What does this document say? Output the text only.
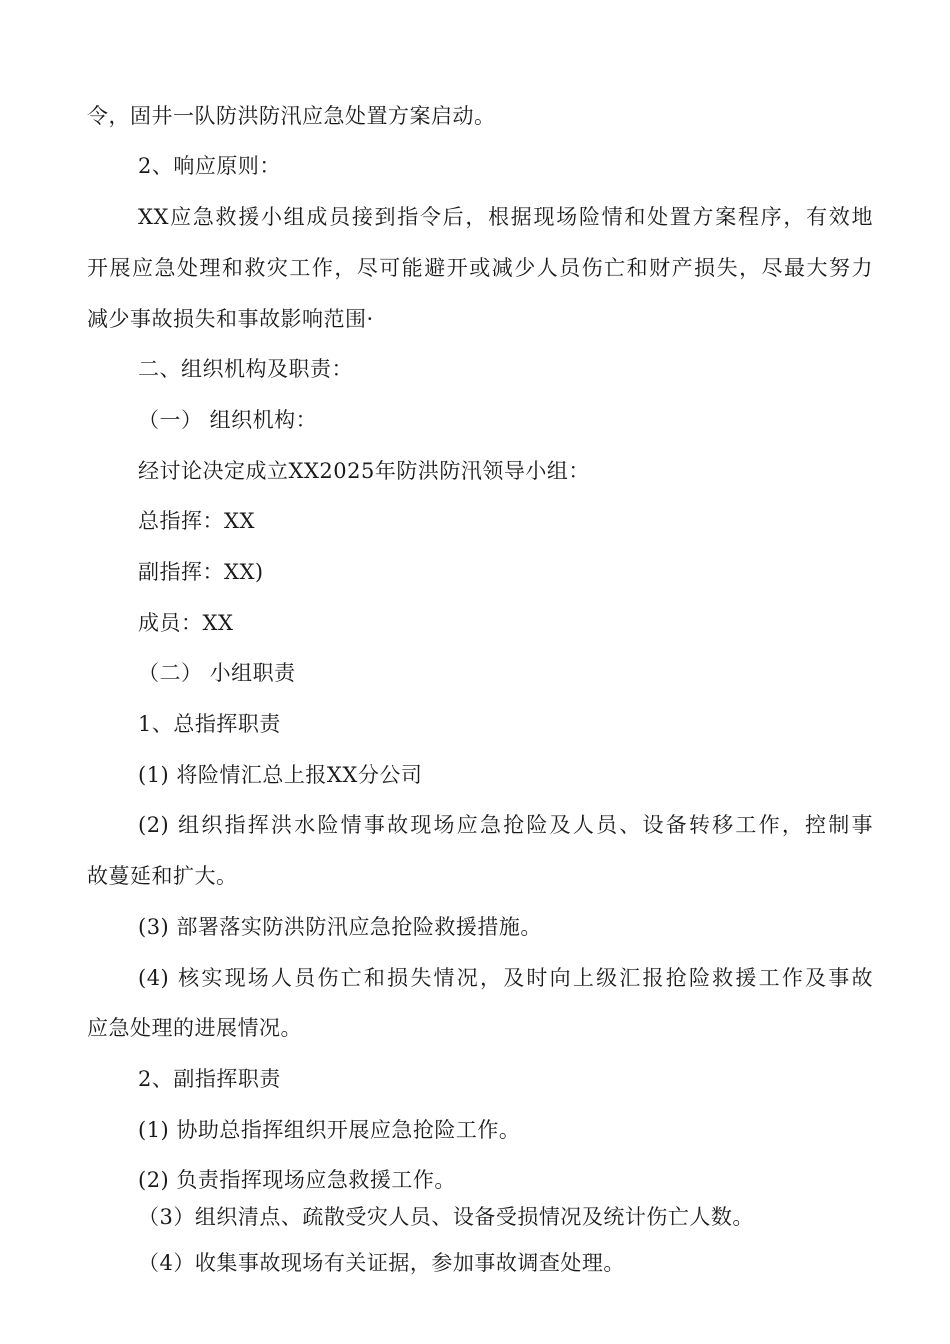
令，固井一队防洪防汛应急处置方案启动。
2、响应原则：
XX应急救援小组成员接到指令后，根据现场险情和处置方案程序，有效地
开展应急处理和救灾工作，尽可能避开或减少人员伤亡和财产损失，尽最大努力
减少事故损失和事故影响范围·
二、组织机构及职责：
（一） 组织机构：
经讨论决定成立XX2025年防洪防汛领导小组：
总指挥：XX
副指挥：XX)
成员：XX
（二） 小组职责
1、总指挥职责
(1) 将险情汇总上报XX分公司
(2) 组织指挥洪水险情事故现场应急抢险及人员、设备转移工作，控制事
故蔓延和扩大。
(3) 部署落实防洪防汛应急抢险救援措施。
(4) 核实现场人员伤亡和损失情况，及时向上级汇报抢险救援工作及事故
应急处理的进展情况。
2、副指挥职责
(1) 协助总指挥组织开展应急抢险工作。
(2) 负责指挥现场应急救援工作。
（3）组织清点、疏散受灾人员、设备受损情况及统计伤亡人数。
（4）收集事故现场有关证据，参加事故调查处理。
